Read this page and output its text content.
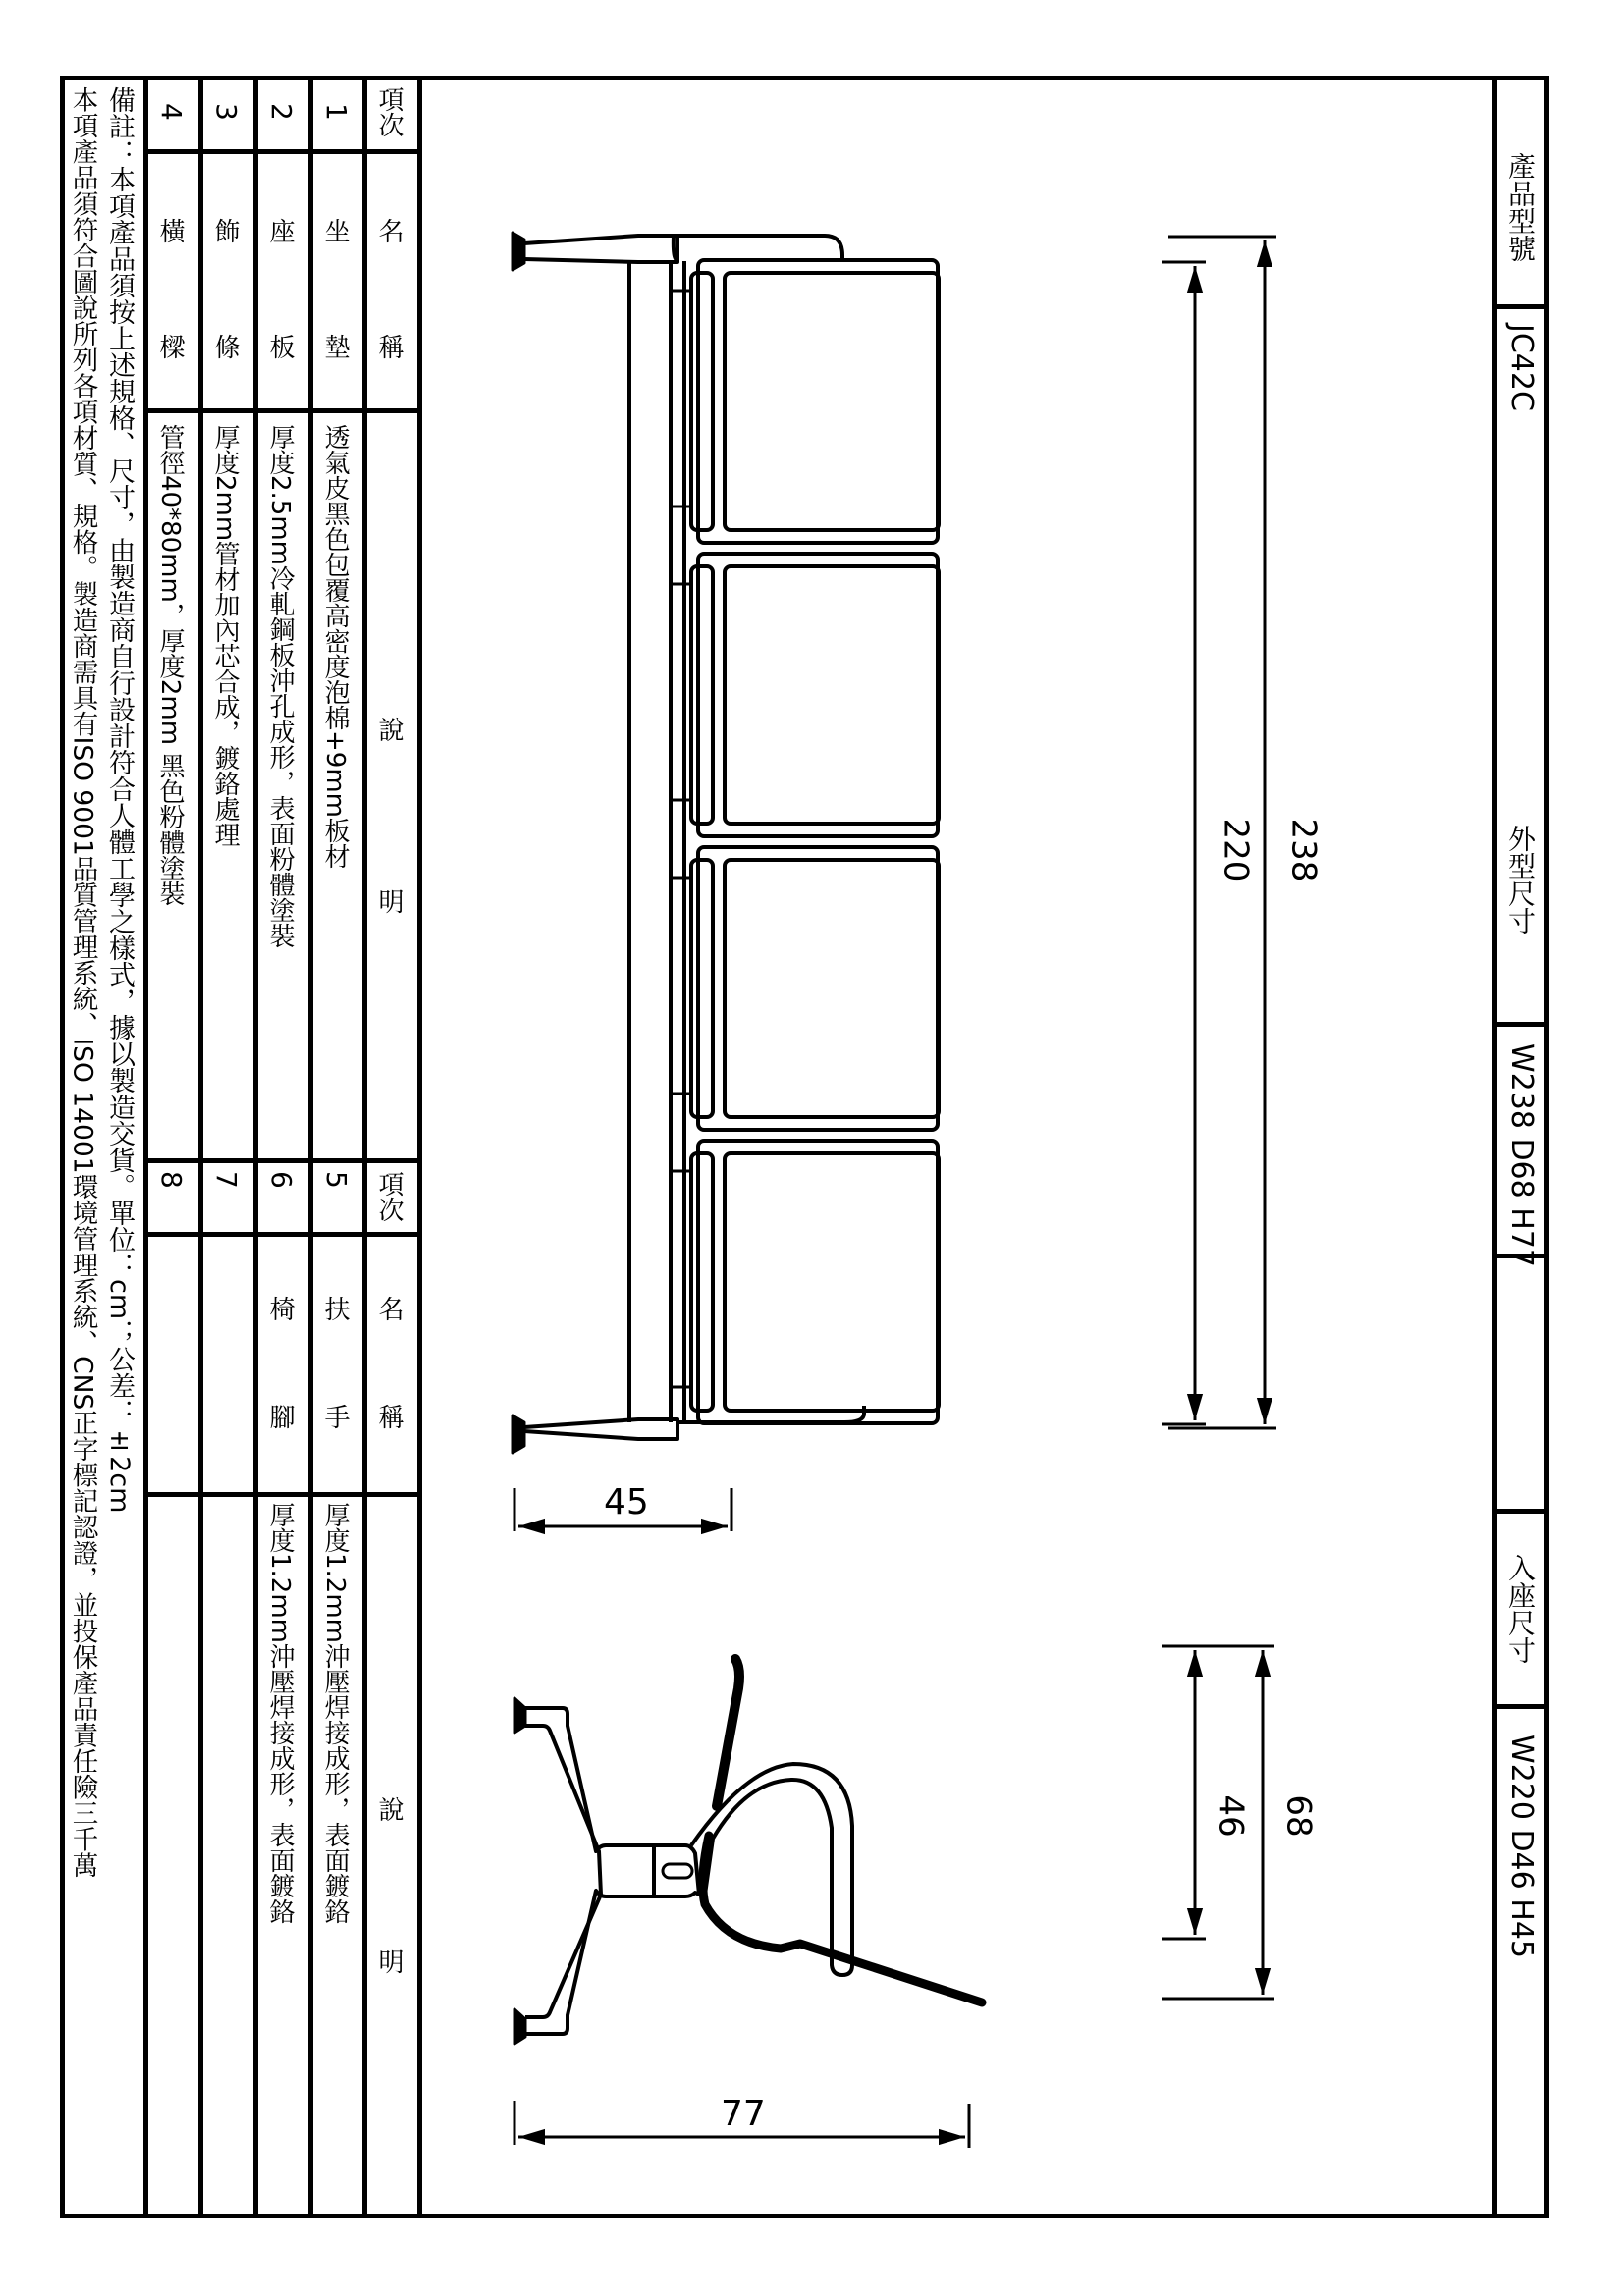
產品型號
JC42C
外型尺寸
W238 D68 H77
入座尺寸
W220 D46 H45
項次
名
稱
說
明
項次
名
稱
說
明
1
坐
墊
透氣皮黑色包覆高密度泡棉+9mm板材
5
扶
手
厚度1.2mm沖壓焊接成形，表面鍍鉻
2
座
板
厚度2.5mm冷軋鋼板沖孔成形，表面粉體塗裝
6
椅
腳
厚度1.2mm沖壓焊接成形，表面鍍鉻
3
飾
條
厚度2mm管材加內芯合成，鍍鉻處理
7
4
橫
樑
管徑40*80mm，厚度2mm 黑色粉體塗裝
8
備註：本項產品須按上述規格、尺寸，由製造商自行設計符合人體工學之樣式，據以製造交貨。單位：cm；公差：±2cm
本項產品須符合圖說所列各項材質、規格。製造商需具有ISO 9001品質管理系統、ISO 14001環境管理系統、CNS正字標記認證，並投保產品責任險三千萬	238
220
45
68
46
77
